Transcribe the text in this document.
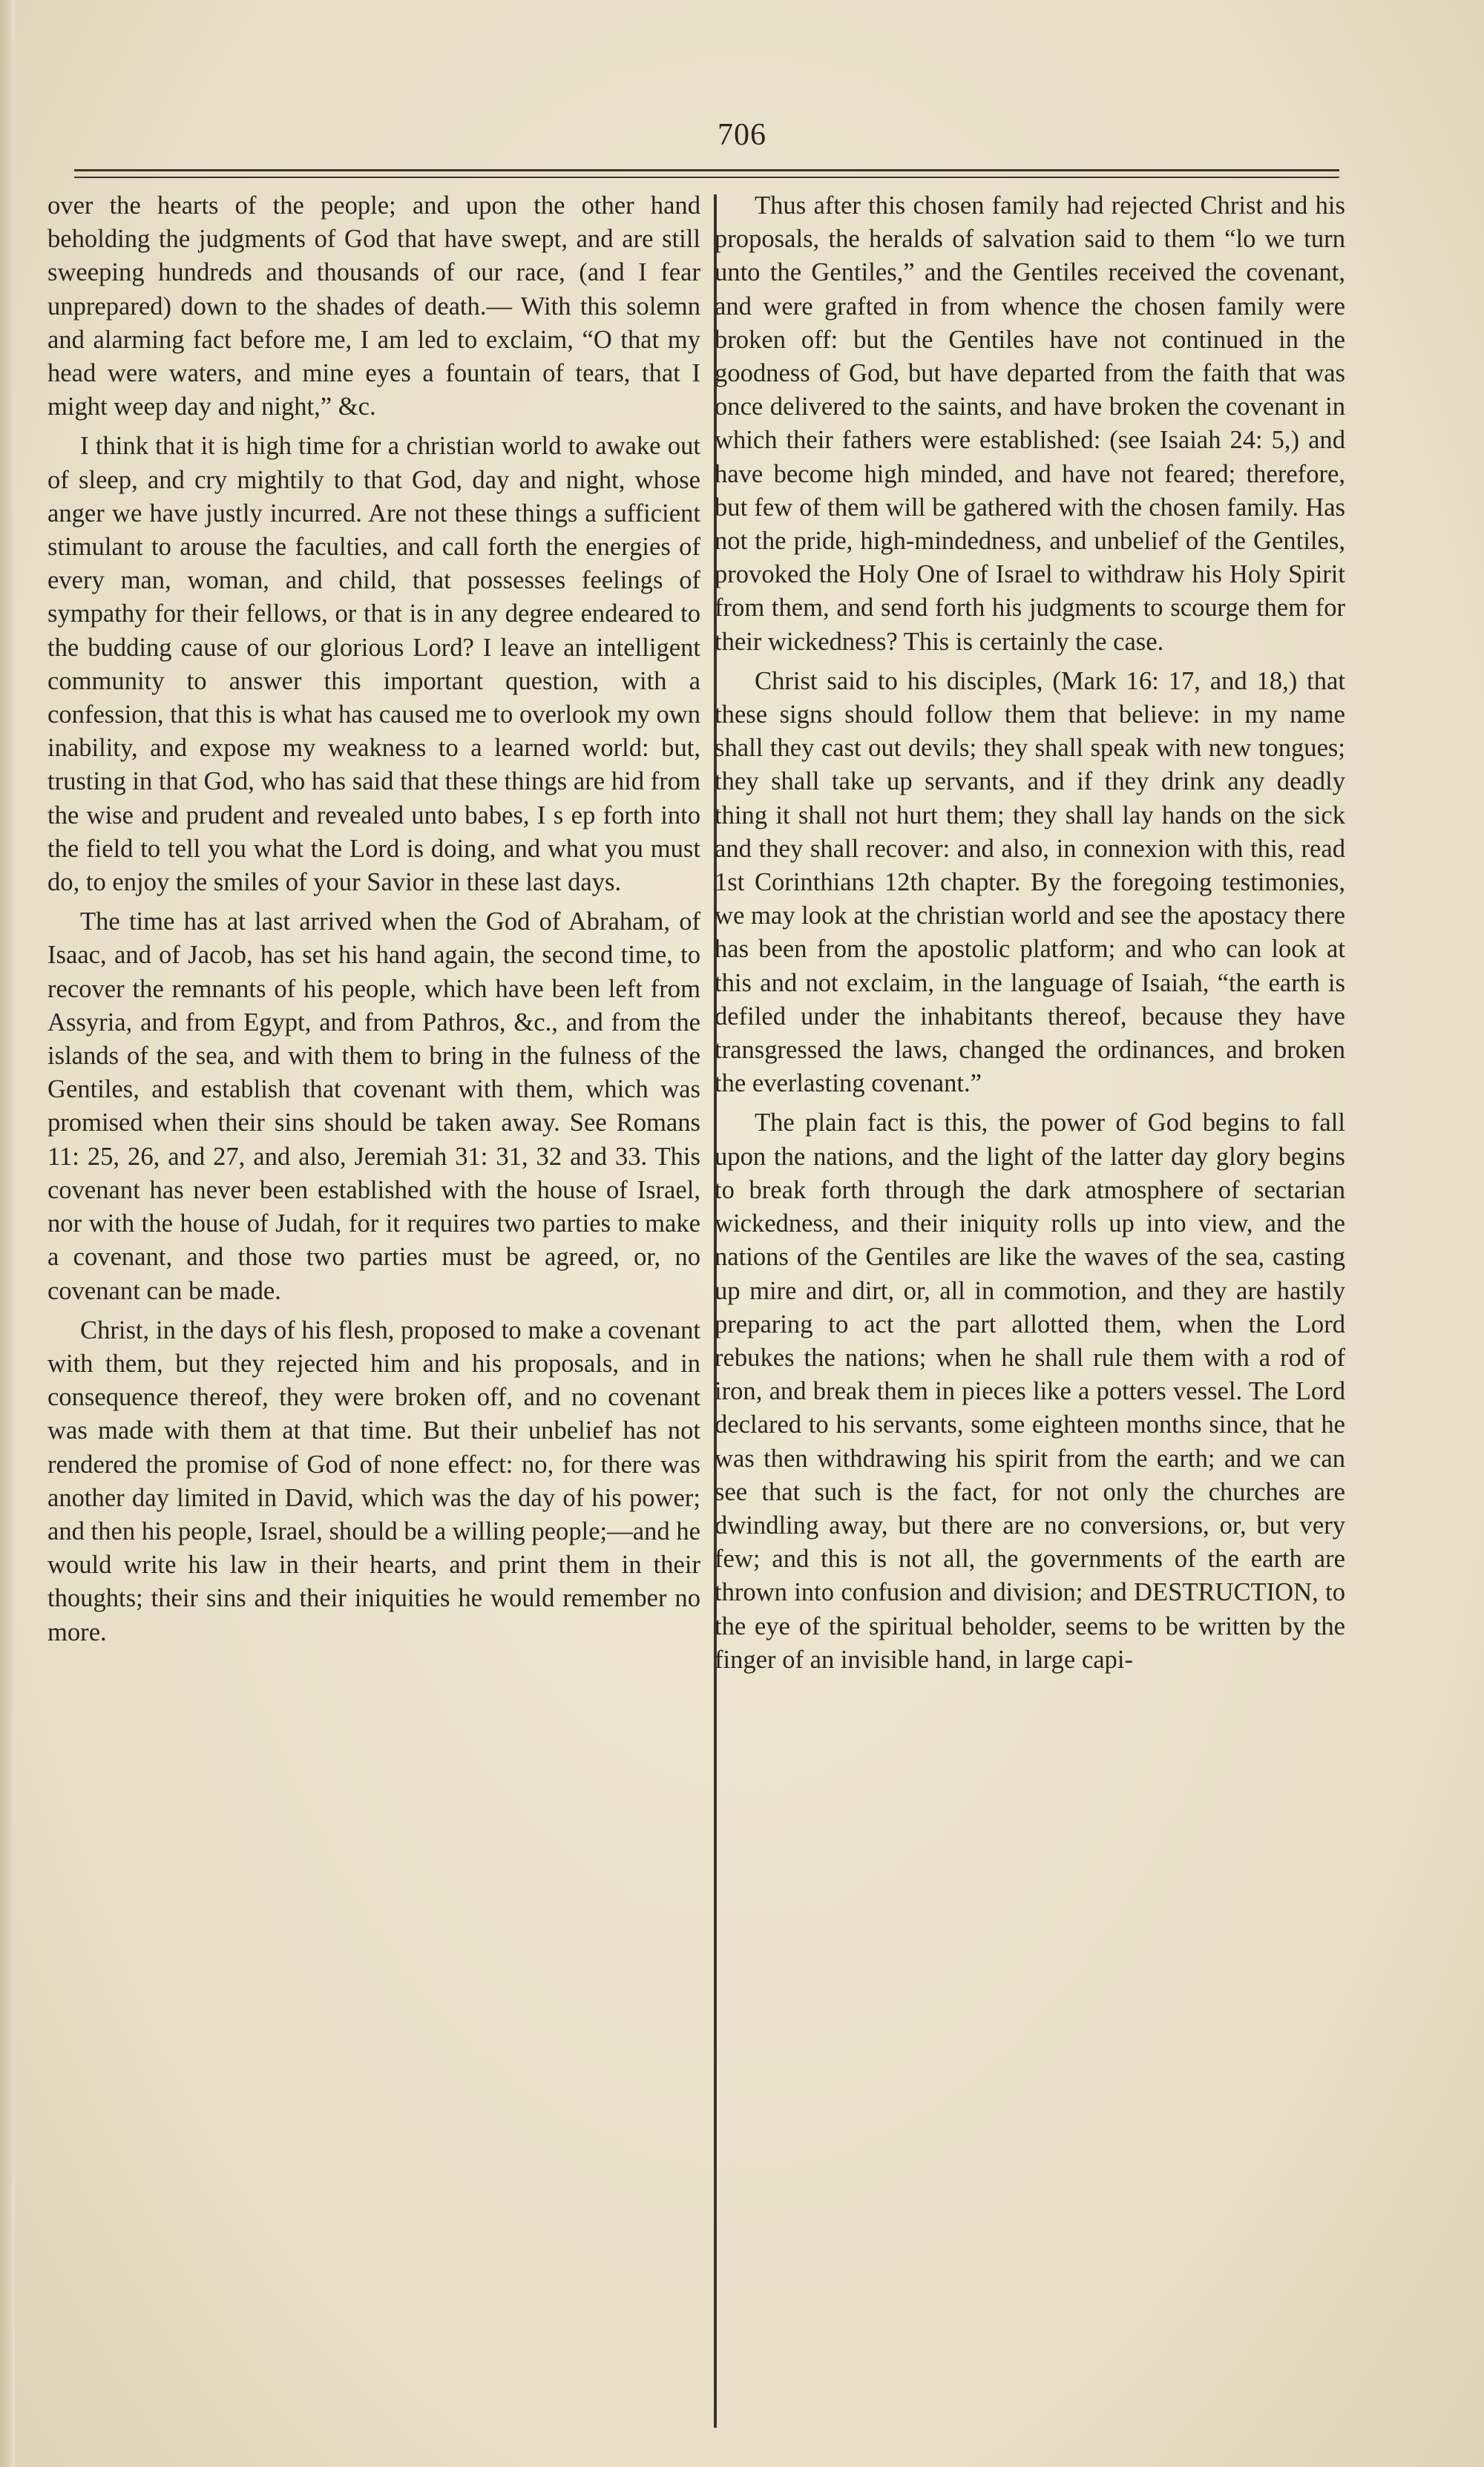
706

over the hearts of the people; and upon the other hand beholding the judgments of God that have swept, and are still sweeping hundreds and thousands of our race, (and I fear unprepared) down to the shades of death.— With this solemn and alarming fact before me, I am led to exclaim, “O that my head were waters, and mine eyes a fountain of tears, that I might weep day and night,” &c.

I think that it is high time for a christian world to awake out of sleep, and cry mightily to that God, day and night, whose anger we have justly incurred. Are not these things a sufficient stimulant to arouse the faculties, and call forth the energies of every man, woman, and child, that possesses feelings of sympathy for their fellows, or that is in any degree endeared to the budding cause of our glorious Lord? I leave an intelligent community to answer this important question, with a confession, that this is what has caused me to overlook my own inability, and expose my weakness to a learned world: but, trusting in that God, who has said that these things are hid from the wise and prudent and revealed unto babes, I s ep forth into the field to tell you what the Lord is doing, and what you must do, to enjoy the smiles of your Savior in these last days.

The time has at last arrived when the God of Abraham, of Isaac, and of Jacob, has set his hand again, the second time, to recover the remnants of his people, which have been left from Assyria, and from Egypt, and from Pathros, &c., and from the islands of the sea, and with them to bring in the fulness of the Gentiles, and establish that covenant with them, which was promised when their sins should be taken away. See Romans 11: 25, 26, and 27, and also, Jeremiah 31: 31, 32 and 33. This covenant has never been established with the house of Israel, nor with the house of Judah, for it requires two parties to make a covenant, and those two parties must be agreed, or, no covenant can be made.

Christ, in the days of his flesh, proposed to make a covenant with them, but they rejected him and his proposals, and in consequence thereof, they were broken off, and no covenant was made with them at that time. But their unbelief has not rendered the promise of God of none effect: no, for there was another day limited in David, which was the day of his power; and then his people, Israel, should be a willing people;—and he would write his law in their hearts, and print them in their thoughts; their sins and their iniquities he would remember no more.

Thus after this chosen family had rejected Christ and his proposals, the heralds of salvation said to them “lo we turn unto the Gentiles,” and the Gentiles received the covenant, and were grafted in from whence the chosen family were broken off: but the Gentiles have not continued in the goodness of God, but have departed from the faith that was once delivered to the saints, and have broken the covenant in which their fathers were established: (see Isaiah 24: 5,) and have become high minded, and have not feared; therefore, but few of them will be gathered with the chosen family. Has not the pride, high-mindedness, and unbelief of the Gentiles, provoked the Holy One of Israel to withdraw his Holy Spirit from them, and send forth his judgments to scourge them for their wickedness? This is certainly the case.

Christ said to his disciples, (Mark 16: 17, and 18,) that these signs should follow them that believe: in my name shall they cast out devils; they shall speak with new tongues; they shall take up servants, and if they drink any deadly thing it shall not hurt them; they shall lay hands on the sick and they shall recover: and also, in connexion with this, read 1st Corinthians 12th chapter. By the foregoing testimonies, we may look at the christian world and see the apostacy there has been from the apostolic platform; and who can look at this and not exclaim, in the language of Isaiah, “the earth is defiled under the inhabitants thereof, because they have transgressed the laws, changed the ordinances, and broken the everlasting covenant.”

The plain fact is this, the power of God begins to fall upon the nations, and the light of the latter day glory begins to break forth through the dark atmosphere of sectarian wickedness, and their iniquity rolls up into view, and the nations of the Gentiles are like the waves of the sea, casting up mire and dirt, or, all in commotion, and they are hastily preparing to act the part allotted them, when the Lord rebukes the nations; when he shall rule them with a rod of iron, and break them in pieces like a potters vessel. The Lord declared to his servants, some eighteen months since, that he was then withdrawing his spirit from the earth; and we can see that such is the fact, for not only the churches are dwindling away, but there are no conversions, or, but very few; and this is not all, the governments of the earth are thrown into confusion and division; and DESTRUCTION, to the eye of the spiritual beholder, seems to be written by the finger of an invisible hand, in large capi-
